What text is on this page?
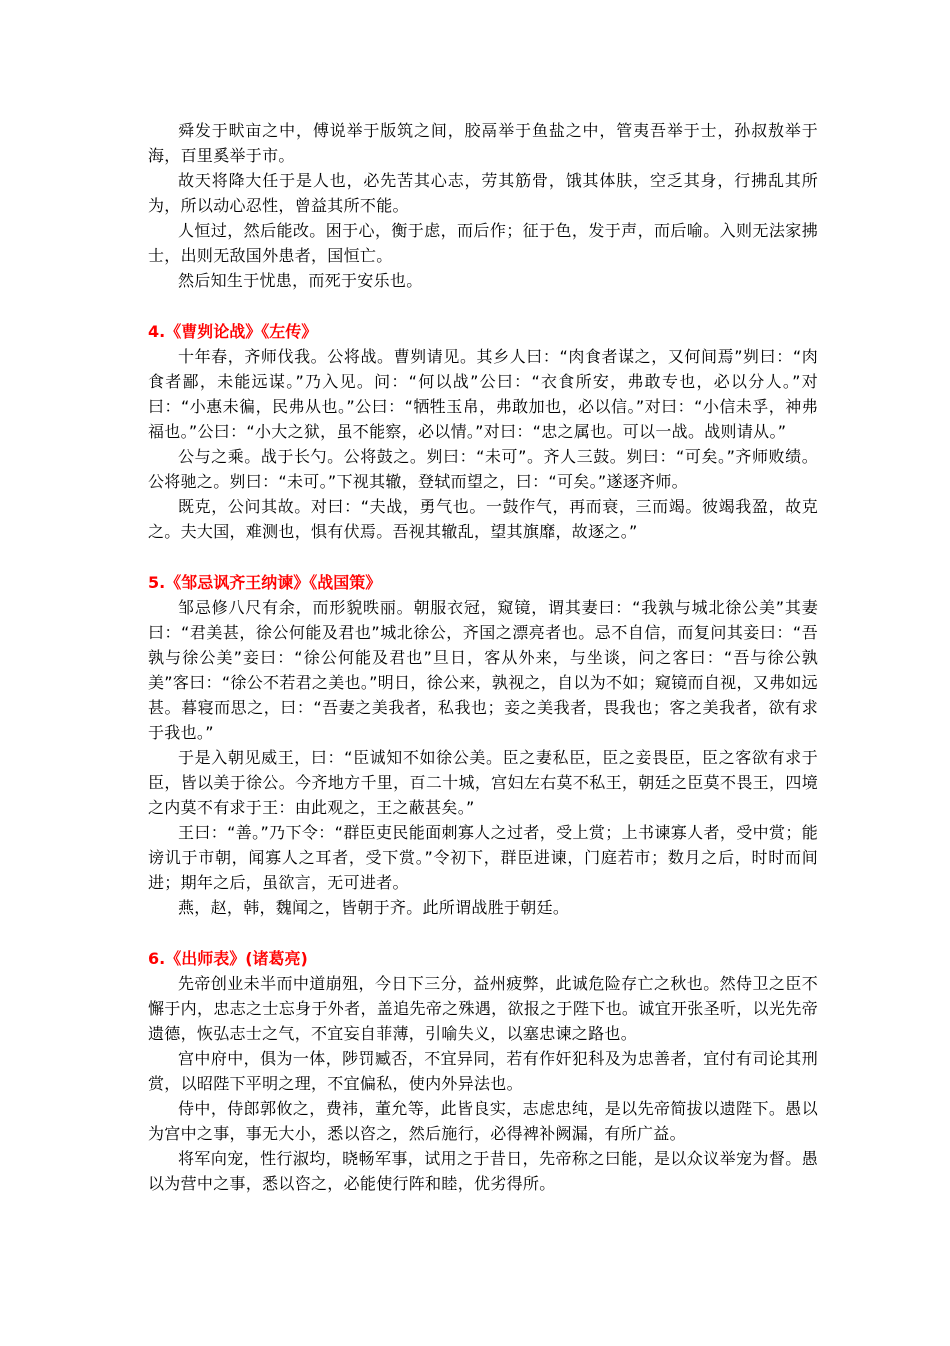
舜发于畎亩之中，傅说举于版筑之间，胶鬲举于鱼盐之中，管夷吾举于士，孙叔敖举于海，百里奚举于市。

故天将降大任于是人也，必先苦其心志，劳其筋骨，饿其体肤，空乏其身，行拂乱其所为，所以动心忍性，曾益其所不能。

人恒过，然后能改。困于心，衡于虑，而后作；征于色，发于声，而后喻。入则无法家拂士，出则无敌国外患者，国恒亡。

然后知生于忧患，而死于安乐也。

4.《曹刿论战》《左传》

十年春，齐师伐我。公将战。曹刿请见。其乡人曰：“肉食者谋之，又何间焉”刿曰：“肉食者鄙，未能远谋。”乃入见。问：“何以战”公曰：“衣食所安，弗敢专也，必以分人。”对曰：“小惠未徧，民弗从也。”公曰：“牺牲玉帛，弗敢加也，必以信。”对曰：“小信未孚，神弗福也。”公曰：“小大之狱，虽不能察，必以情。”对曰：“忠之属也。可以一战。战则请从。”

公与之乘。战于长勺。公将鼓之。刿曰：“未可”。齐人三鼓。刿曰：“可矣。”齐师败绩。公将驰之。刿曰：“未可。”下视其辙，登轼而望之，曰：“可矣。”遂逐齐师。

既克，公问其故。对曰：“夫战，勇气也。一鼓作气，再而衰，三而竭。彼竭我盈，故克之。夫大国，难测也，惧有伏焉。吾视其辙乱，望其旗靡，故逐之。”

5.《邹忌讽齐王纳谏》《战国策》

邹忌修八尺有余，而形貌昳丽。朝服衣冠，窥镜，谓其妻曰：“我孰与城北徐公美”其妻曰：“君美甚，徐公何能及君也”城北徐公，齐国之漂亮者也。忌不自信，而复问其妾曰：“吾孰与徐公美”妾曰：“徐公何能及君也”旦日，客从外来，与坐谈，问之客曰：“吾与徐公孰美”客曰：“徐公不若君之美也。”明日，徐公来，孰视之，自以为不如；窥镜而自视，又弗如远甚。暮寝而思之，曰：“吾妻之美我者，私我也；妾之美我者，畏我也；客之美我者，欲有求于我也。”

于是入朝见威王，曰：“臣诚知不如徐公美。臣之妻私臣，臣之妾畏臣，臣之客欲有求于臣，皆以美于徐公。今齐地方千里，百二十城，宫妇左右莫不私王，朝廷之臣莫不畏王，四境之内莫不有求于王：由此观之，王之蔽甚矣。”

王曰：“善。”乃下令：“群臣吏民能面刺寡人之过者，受上赏；上书谏寡人者，受中赏；能谤讥于市朝，闻寡人之耳者，受下赏。”令初下，群臣进谏，门庭若市；数月之后，时时而间进；期年之后，虽欲言，无可进者。

燕，赵，韩，魏闻之，皆朝于齐。此所谓战胜于朝廷。

6.《出师表》(诸葛亮)

先帝创业未半而中道崩殂，今日下三分，益州疲弊，此诚危险存亡之秋也。然侍卫之臣不懈于内，忠志之士忘身于外者，盖追先帝之殊遇，欲报之于陛下也。诚宜开张圣听，以光先帝遗德，恢弘志士之气，不宜妄自菲薄，引喻失义，以塞忠谏之路也。

宫中府中，俱为一体，陟罚臧否，不宜异同，若有作奸犯科及为忠善者，宜付有司论其刑赏，以昭陛下平明之理，不宜偏私，使内外异法也。

侍中，侍郎郭攸之，费祎，董允等，此皆良实，志虑忠纯，是以先帝简拔以遗陛下。愚以为宫中之事，事无大小，悉以咨之，然后施行，必得裨补阙漏，有所广益。

将军向宠，性行淑均，晓畅军事，试用之于昔日，先帝称之曰能，是以众议举宠为督。愚以为营中之事，悉以咨之，必能使行阵和睦，优劣得所。
